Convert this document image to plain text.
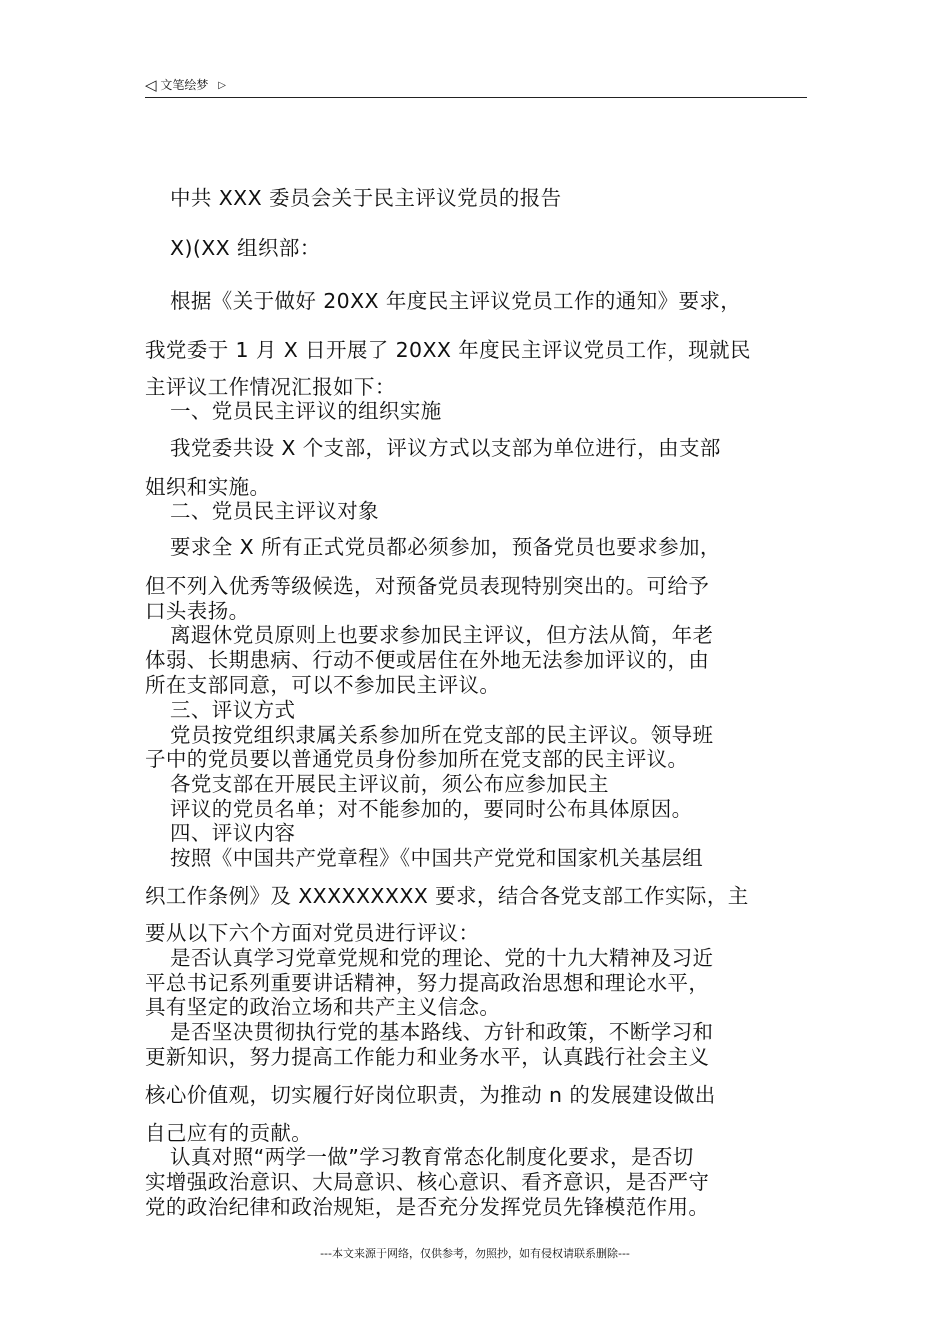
◁ 文笔绘梦 ▷
中共 XXX 委员会关于民主评议党员的报告
X)(XX 组织部：
根据《关于做好 20XX 年度民主评议党员工作的通知》要求，
我党委于 1 月 X 日开展了 20XX 年度民主评议党员工作，现就民
主评议工作情况汇报如下：
一、党员民主评议的组织实施
我党委共设 X 个支部，评议方式以支部为单位进行，由支部
姐织和实施。
二、党员民主评议对象
要求全 X 所有正式党员都必须参加，预备党员也要求参加，
但不列入优秀等级候选，对预备党员表现特别突出的。可给予
口头表扬。
离遐休党员原则上也要求参加民主评议，但方法从简，年老
体弱、长期患病、行动不便或居住在外地无法参加评议的，由
所在支部同意，可以不参加民主评议。
三、评议方式
党员按党组织隶属关系参加所在党支部的民主评议。领导班
子中的党员要以普通党员身份参加所在党支部的民主评议。
各党支部在开展民主评议前，须公布应参加民主
评议的党员名单；对不能参加的，要同时公布具体原因。
四、评议内容
按照《中国共产党章程》《中国共产党党和国家机关基层组
织工作条例》及 XXXXXXXXX 要求，结合各党支部工作实际，主
要从以下六个方面对党员进行评议：
是否认真学习党章党规和党的理论、党的十九大精神及习近
平总书记系列重要讲话精神，努力提高政治思想和理论水平，
具有坚定的政治立场和共产主义信念。
是否坚决贯彻执行党的基本路线、方针和政策，不断学习和
更新知识，努力提高工作能力和业务水平，认真践行社会主义
核心价值观，切实履行好岗位职责，为推动 n 的发展建设做出
自己应有的贡献。
认真对照“两学一做”学习教育常态化制度化要求，是否切
实增强政治意识、大局意识、核心意识、看齐意识，是否严守
党的政治纪律和政治规矩，是否充分发挥党员先锋模范作用。
---本文来源于网络，仅供参考，勿照抄，如有侵权请联系删除---
